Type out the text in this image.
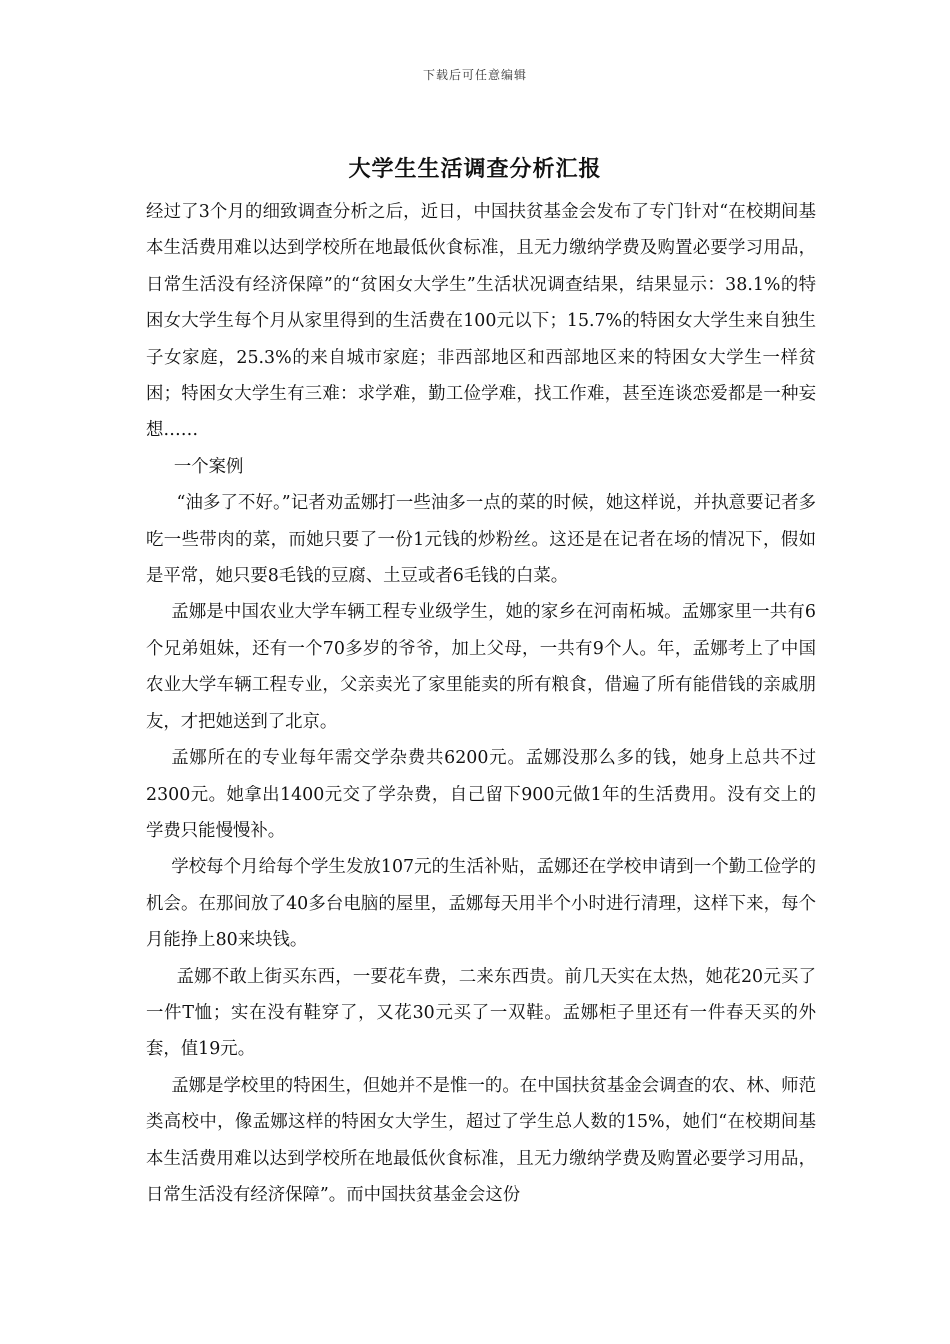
下载后可任意编辑
大学生生活调查分析汇报

经过了3个月的细致调查分析之后，近日，中国扶贫基金会发布了专门针对“在校期间基本生活费用难以达到学校所在地最低伙食标准，且无力缴纳学费及购置必要学习用品，日常生活没有经济保障”的“贫困女大学生”生活状况调查结果，结果显示：38.1%的特困女大学生每个月从家里得到的生活费在100元以下；15.7%的特困女大学生来自独生子女家庭，25.3%的来自城市家庭；非西部地区和西部地区来的特困女大学生一样贫困；特困女大学生有三难：求学难，勤工俭学难，找工作难，甚至连谈恋爱都是一种妄想……

一个案例

“油多了不好。”记者劝孟娜打一些油多一点的菜的时候，她这样说，并执意要记者多吃一些带肉的菜，而她只要了一份1元钱的炒粉丝。这还是在记者在场的情况下，假如是平常，她只要8毛钱的豆腐、土豆或者6毛钱的白菜。

孟娜是中国农业大学车辆工程专业级学生，她的家乡在河南柘城。孟娜家里一共有6个兄弟姐妹，还有一个70多岁的爷爷，加上父母，一共有9个人。年，孟娜考上了中国农业大学车辆工程专业，父亲卖光了家里能卖的所有粮食，借遍了所有能借钱的亲戚朋友，才把她送到了北京。

孟娜所在的专业每年需交学杂费共6200元。孟娜没那么多的钱，她身上总共不过2300元。她拿出1400元交了学杂费，自己留下900元做1年的生活费用。没有交上的学费只能慢慢补。

学校每个月给每个学生发放107元的生活补贴，孟娜还在学校申请到一个勤工俭学的机会。在那间放了40多台电脑的屋里，孟娜每天用半个小时进行清理，这样下来，每个月能挣上80来块钱。

孟娜不敢上街买东西，一要花车费，二来东西贵。前几天实在太热，她花20元买了一件T恤；实在没有鞋穿了，又花30元买了一双鞋。孟娜柜子里还有一件春天买的外套，值19元。

孟娜是学校里的特困生，但她并不是惟一的。在中国扶贫基金会调查的农、林、师范类高校中，像孟娜这样的特困女大学生，超过了学生总人数的15%，她们“在校期间基本生活费用难以达到学校所在地最低伙食标准，且无力缴纳学费及购置必要学习用品，日常生活没有经济保障”。而中国扶贫基金会这份
